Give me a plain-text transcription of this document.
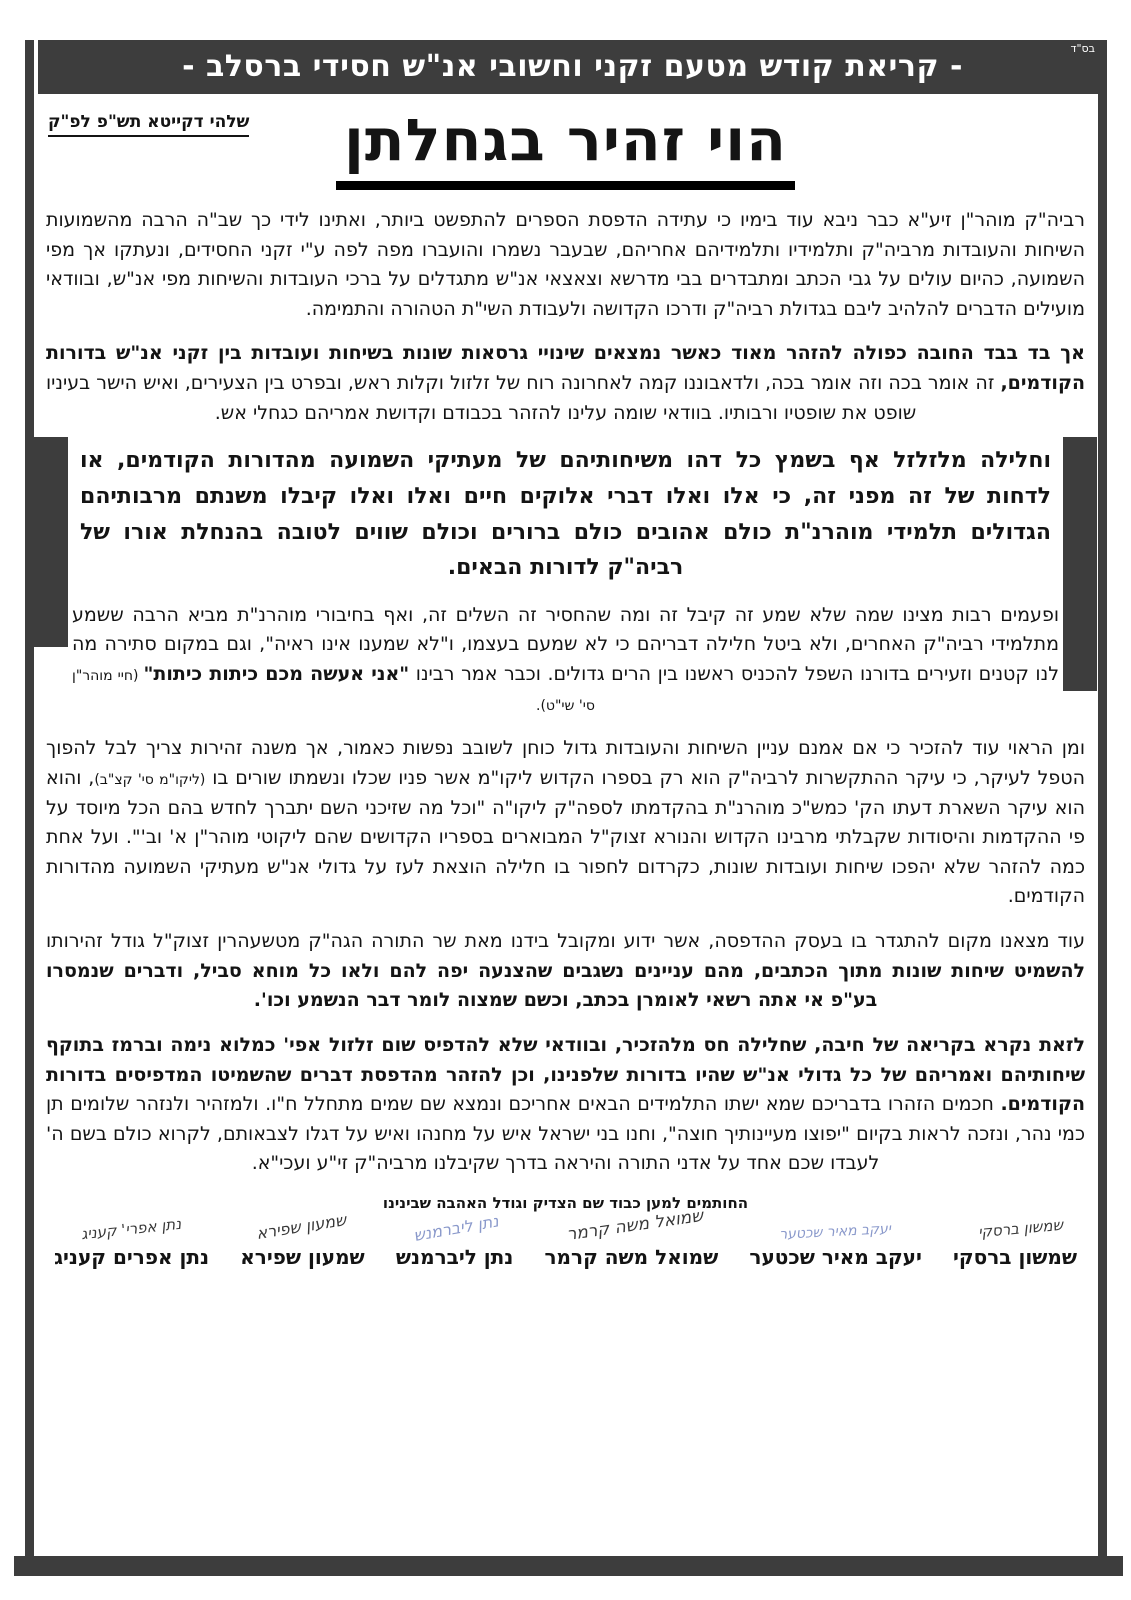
בס"ד
- קריאת קודש מטעם זקני וחשובי אנ"ש חסידי ברסלב -
שלהי דקייטא תש"פ לפ"ק	הוי זהיר בגחלתן

רביה"ק מוהר"ן זיע"א כבר ניבא עוד בימיו כי עתידה הדפסת הספרים להתפשט ביותר, ואתינו לידי כך שב"ה הרבה מהשמועות השיחות והעובדות מרביה"ק ותלמידיו ותלמידיהם אחריהם, שבעבר נשמרו והועברו מפה לפה ע"י זקני החסידים, ונעתקו אך מפי השמועה, כהיום עולים על גבי הכתב ומתבדרים בבי מדרשא וצאצאי אנ"ש מתגדלים על ברכי העובדות והשיחות מפי אנ"ש, ובוודאי מועילים הדברים להלהיב ליבם בגדולת רביה"ק ודרכו הקדושה ולעבודת השי"ת הטהורה והתמימה.

אך בד בבד החובה כפולה להזהר מאוד כאשר נמצאים שינויי גרסאות שונות בשיחות ועובדות בין זקני אנ"ש בדורות הקודמים, זה אומר בכה וזה אומר בכה, ולדאבוננו קמה לאחרונה רוח של זלזול וקלות ראש, ובפרט בין הצעירים, ואיש הישר בעיניו שופט את שופטיו ורבותיו. בוודאי שומה עלינו להזהר בכבודם וקדושת אמריהם כגחלי אש.

וחלילה מלזלזל אף בשמץ כל דהו משיחותיהם של מעתיקי השמועה מהדורות הקודמים, או לדחות של זה מפני זה, כי אלו ואלו דברי אלוקים חיים ואלו ואלו קיבלו משנתם מרבותיהם הגדולים תלמידי מוהרנ"ת כולם אהובים כולם ברורים וכולם שווים לטובה בהנחלת אורו של רביה"ק לדורות הבאים.

ופעמים רבות מצינו שמה שלא שמע זה קיבל זה ומה שהחסיר זה השלים זה, ואף בחיבורי מוהרנ"ת מביא הרבה ששמע מתלמידי רביה"ק האחרים, ולא ביטל חלילה דבריהם כי לא שמעם בעצמו, ו"לא שמענו אינו ראיה", וגם במקום סתירה מה לנו קטנים וזעירים בדורנו השפל להכניס ראשנו בין הרים גדולים. וכבר אמר רבינו "אני אעשה מכם כיתות כיתות" (חיי מוהר"ן סי' שי"ט).

ומן הראוי עוד להזכיר כי אם אמנם עניין השיחות והעובדות גדול כוחן לשובב נפשות כאמור, אך משנה זהירות צריך לבל להפוך הטפל לעיקר, כי עיקר ההתקשרות לרביה"ק הוא רק בספרו הקדוש ליקו"מ אשר פניו שכלו ונשמתו שורים בו (ליקו"מ סי' קצ"ב), והוא הוא עיקר השארת דעתו הק' כמש"כ מוהרנ"ת בהקדמתו לספה"ק ליקו"ה "וכל מה שזיכני השם יתברך לחדש בהם הכל מיוסד על פי ההקדמות והיסודות שקבלתי מרבינו הקדוש והנורא זצוק"ל המבוארים בספריו הקדושים שהם ליקוטי מוהר"ן א' וב'". ועל אחת כמה להזהר שלא יהפכו שיחות ועובדות שונות, כקרדום לחפור בו חלילה הוצאת לעז על גדולי אנ"ש מעתיקי השמועה מהדורות הקודמים.

עוד מצאנו מקום להתגדר בו בעסק ההדפסה, אשר ידוע ומקובל בידנו מאת שר התורה הגה"ק מטשעהרין זצוק"ל גודל זהירותו להשמיט שיחות שונות מתוך הכתבים, מהם עניינים נשגבים שהצנעה יפה להם ולאו כל מוחא סביל, ודברים שנמסרו בע"פ אי אתה רשאי לאומרן בכתב, וכשם שמצוה לומר דבר הנשמע וכו'.

לזאת נקרא בקריאה של חיבה, שחלילה חס מלהזכיר, ובוודאי שלא להדפיס שום זלזול אפי' כמלוא נימה וברמז בתוקף שיחותיהם ואמריהם של כל גדולי אנ"ש שהיו בדורות שלפנינו, וכן להזהר מהדפסת דברים שהשמיטו המדפיסים בדורות הקודמים. חכמים הזהרו בדבריכם שמא ישתו התלמידים הבאים אחריכם ונמצא שם שמים מתחלל ח"ו. ולמזהיר ולנזהר שלומים תן כמי נהר, ונזכה לראות בקיום "יפוצו מעיינותיך חוצה", וחנו בני ישראל איש על מחנהו ואיש על דגלו לצבאותם, לקרוא כולם בשם ה' לעבדו שכם אחד על אדני התורה והיראה בדרך שקיבלנו מרביה"ק זי"ע ועכי"א.

החותמים למען כבוד שם הצדיק וגודל האהבה שבינינו
שמשון ברסקי
שמשון ברסקי
יעקב מאיר שכטער
יעקב מאיר שכטער
שמואל משה קרמר
שמואל משה קרמר
נתן ליברמנש
נתן ליברמנש
שמעון שפירא
שמעון שפירא
נתן אפרי' קעניג
נתן אפרים קעניג
